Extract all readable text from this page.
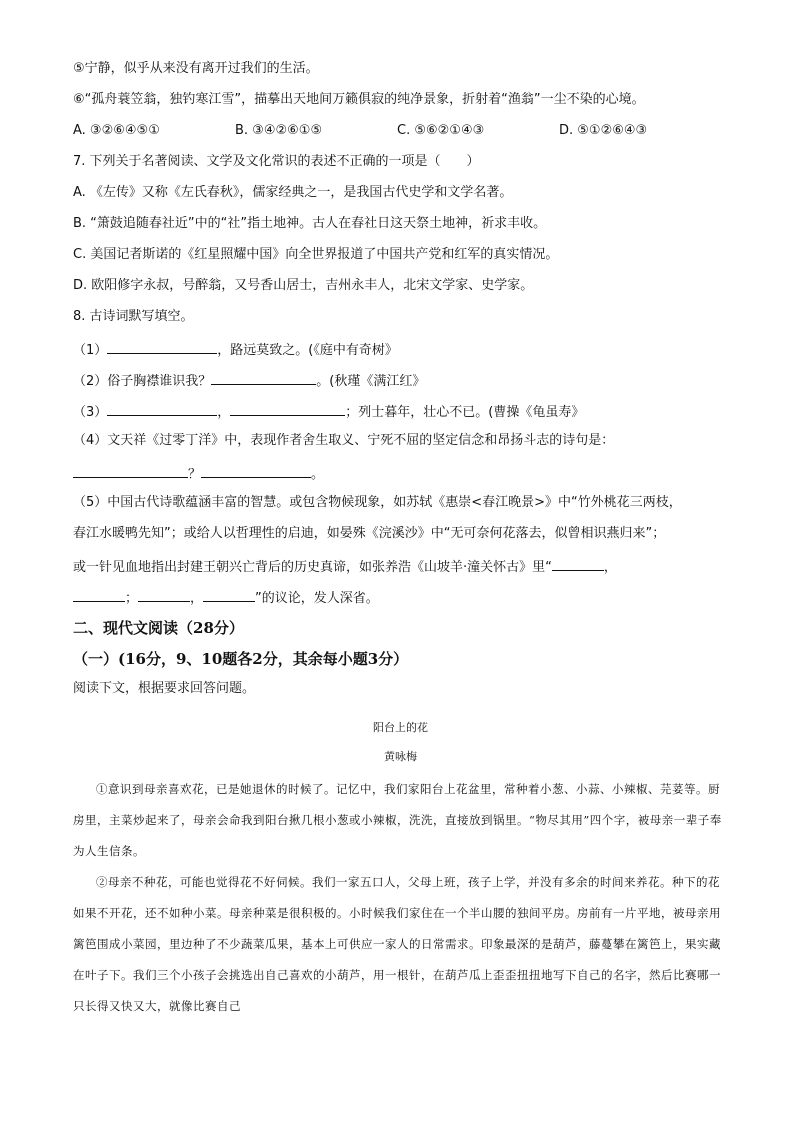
⑤宁静，似乎从来没有离开过我们的生活。

⑥“孤舟蓑笠翁，独钓寒江雪”，描摹出天地间万籁俱寂的纯净景象，折射着“渔翁”一尘不染的心境。

A. ③②⑥④⑤①	B. ③④②⑥①⑤	C. ⑤⑥②①④③	D. ⑤①②⑥④③

7. 下列关于名著阅读、文学及文化常识的表述不正确的一项是（　　）

A. 《左传》又称《左氏春秋》，儒家经典之一，是我国古代史学和文学名著。

B. “箫鼓追随春社近”中的“社”指土地神。古人在春社日这天祭土地神，祈求丰收。

C. 美国记者斯诺的《红星照耀中国》向全世界报道了中国共产党和红军的真实情况。

D. 欧阳修字永叔，号醉翁，又号香山居士，吉州永丰人，北宋文学家、史学家。

8. 古诗词默写填空。

（1）	，路远莫致之。(《庭中有奇树》

（2）俗子胸襟谁识我？	。(秋瑾《满江红》

（3）	，	；列士暮年，壮心不已。(曹操《龟虽寿》

（4）文天祥《过零丁洋》中，表现作者舍生取义、宁死不屈的坚定信念和昂扬斗志的诗句是：

？	。

（5）中国古代诗歌蕴涵丰富的智慧。或包含物候现象，如苏轼《惠崇<春江晚景>》中“竹外桃花三两枝，

春江水暖鸭先知”；或给人以哲理性的启迪，如晏殊《浣溪沙》中“无可奈何花落去，似曾相识燕归来”；

或一针见血地指出封建王朝兴亡背后的历史真谛，如张养浩《山坡羊·潼关怀古》里“	，

；	，	”的议论，发人深省。

二、现代文阅读（28分）

（一）(16分，9、10题各2分，其余每小题3分）

阅读下文，根据要求回答问题。

阳台上的花

黄咏梅

①意识到母亲喜欢花，已是她退休的时候了。记忆中，我们家阳台上花盆里，常种着小葱、小蒜、小辣椒、芫荽等。厨房里，主菜炒起来了，母亲会命我到阳台揪几根小葱或小辣椒，洗洗，直接放到锅里。“物尽其用”四个字，被母亲一辈子奉为人生信条。

②母亲不种花，可能也觉得花不好伺候。我们一家五口人，父母上班，孩子上学，并没有多余的时间来养花。种下的花如果不开花，还不如种小菜。母亲种菜是很积极的。小时候我们家住在一个半山腰的独间平房。房前有一片平地，被母亲用篱笆围成小菜园，里边种了不少蔬菜瓜果，基本上可供应一家人的日常需求。印象最深的是葫芦，藤蔓攀在篱笆上，果实藏在叶子下。我们三个小孩子会挑选出自己喜欢的小葫芦，用一根针，在葫芦瓜上歪歪扭扭地写下自己的名字，然后比赛哪一只长得又快又大，就像比赛自己
